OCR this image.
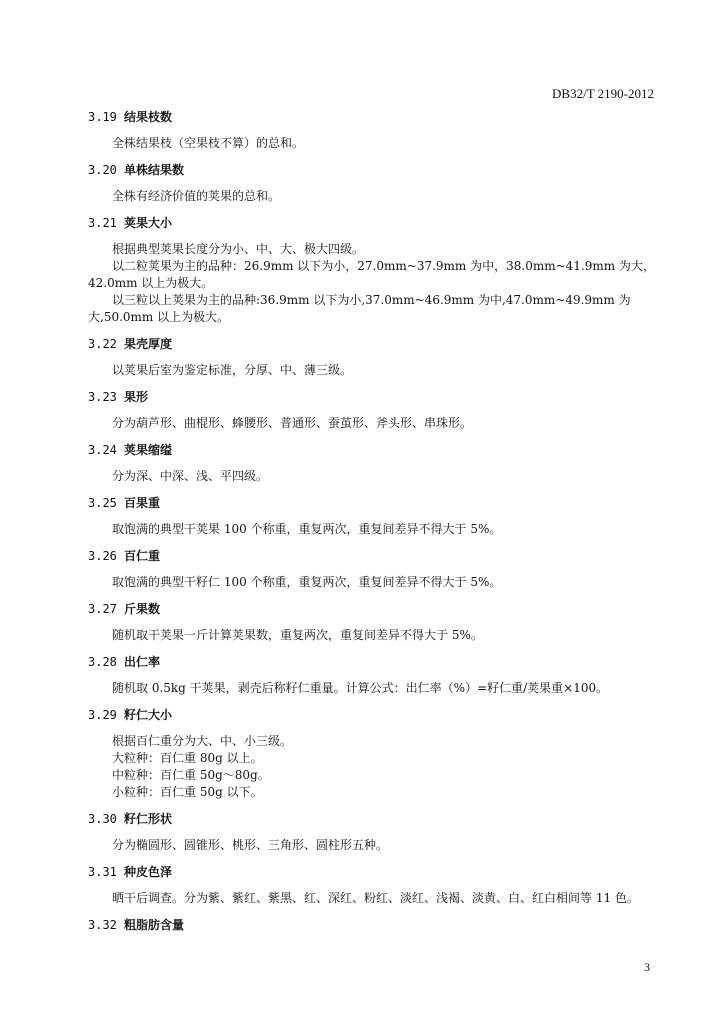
DB32/T 2190-2012
3.19 结果枝数

全株结果枝（空果枝不算）的总和。

3.20 单株结果数

全株有经济价值的荚果的总和。

3.21 荚果大小

根据典型荚果长度分为小、中、大、极大四级。

以二粒荚果为主的品种：26.9mm 以下为小，27.0mm~37.9mm 为中，38.0mm~41.9mm 为大，42.0mm 以上为极大。

以三粒以上荚果为主的品种:36.9mm 以下为小,37.0mm~46.9mm 为中,47.0mm~49.9mm 为大,50.0mm 以上为极大。

3.22 果壳厚度

以荚果后室为鉴定标准，分厚、中、薄三级。

3.23 果形

分为葫芦形、曲棍形、蜂腰形、普通形、蚕茧形、斧头形、串珠形。

3.24 荚果缩缢

分为深、中深、浅、平四级。

3.25 百果重

取饱满的典型干荚果 100 个称重，重复两次，重复间差异不得大于 5%。

3.26 百仁重

取饱满的典型干籽仁 100 个称重，重复两次，重复间差异不得大于 5%。

3.27 斤果数

随机取干荚果一斤计算荚果数，重复两次，重复间差异不得大于 5%。

3.28 出仁率

随机取 0.5kg 干荚果，剥壳后称籽仁重量。计算公式：出仁率（%）=籽仁重/荚果重×100。

3.29 籽仁大小

根据百仁重分为大、中、小三级。

大粒种：百仁重 80g 以上。

中粒种：百仁重 50g～80g。

小粒种：百仁重 50g 以下。

3.30 籽仁形状

分为椭圆形、圆锥形、桃形、三角形、圆柱形五种。

3.31 种皮色泽

晒干后调查。分为紫、紫红、紫黑、红、深红、粉红、淡红、浅褐、淡黄、白、红白相间等 11 色。

3.32 粗脂肪含量
3
